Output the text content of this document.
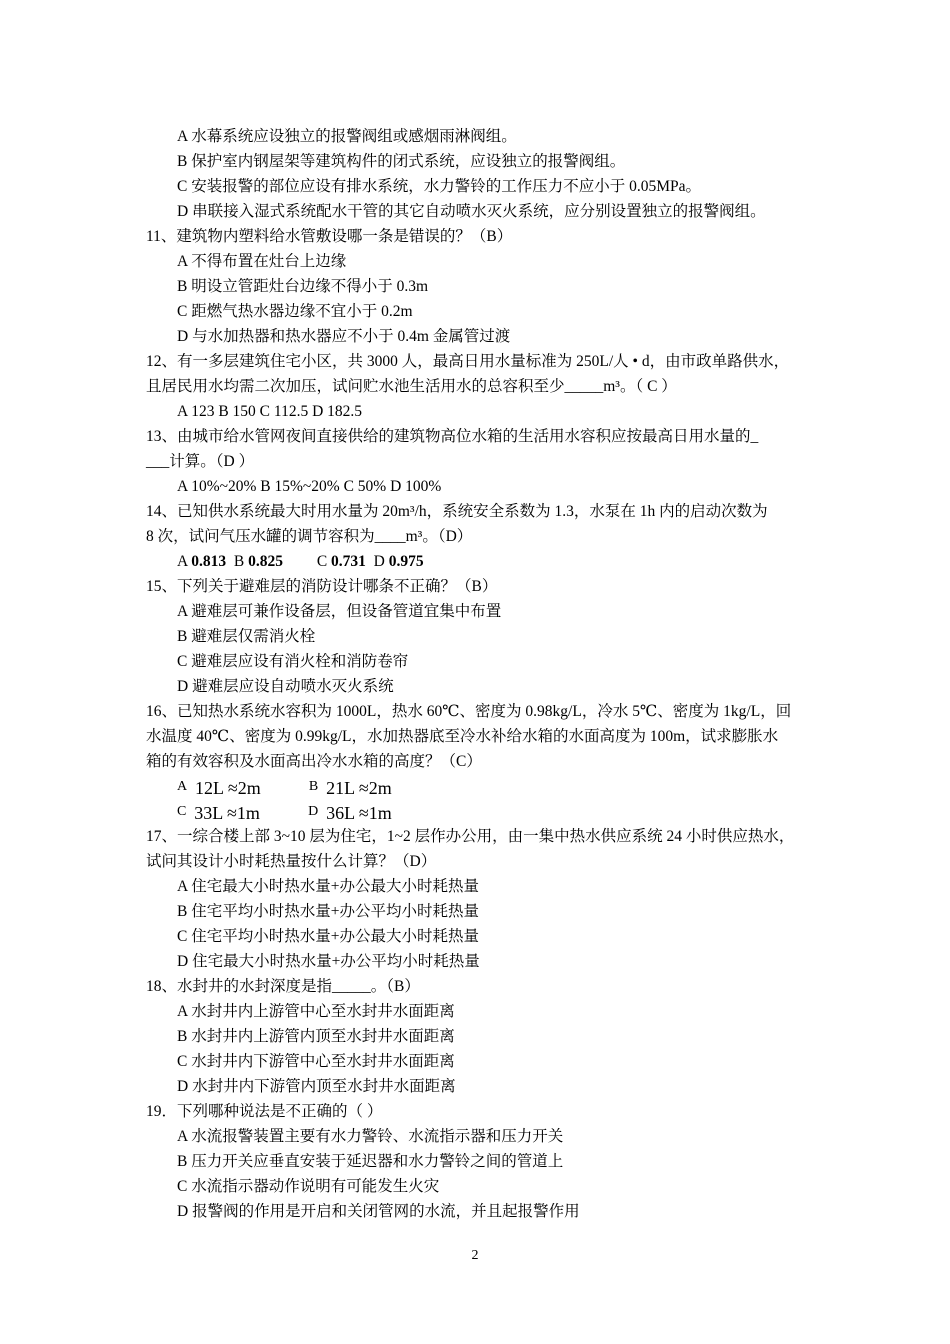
A 水幕系统应设独立的报警阀组或感烟雨淋阀组。
B 保护室内钢屋架等建筑构件的闭式系统，应设独立的报警阀组。
C 安装报警的部位应设有排水系统，水力警铃的工作压力不应小于 0.05MPa。
D 串联接入湿式系统配水干管的其它自动喷水灭火系统，应分别设置独立的报警阀组。
11、建筑物内塑料给水管敷设哪一条是错误的？（B）
A 不得布置在灶台上边缘
B 明设立管距灶台边缘不得小于 0.3m
C 距燃气热水器边缘不宜小于 0.2m
D 与水加热器和热水器应不小于 0.4m 金属管过渡
12、有一多层建筑住宅小区，共 3000 人，最高日用水量标准为 250L/人 • d，由市政单路供水，
且居民用水均需二次加压，试问贮水池生活用水的总容积至少_____m³。（ C ）
A 123 B 150 C 112.5 D 182.5
13、由城市给水管网夜间直接供给的建筑物高位水箱的生活用水容积应按最高日用水量的_
___计算。（D ）
A 10%~20% B 15%~20% C 50% D 100%
14、已知供水系统最大时用水量为 20m³/h，系统安全系数为 1.3，水泵在 1h 内的启动次数为
8 次，试问气压水罐的调节容积为____m³。（D）
A 0.813 B 0.825 C 0.731 D 0.975
15、下列关于避难层的消防设计哪条不正确？（B）
A 避难层可兼作设备层，但设备管道宜集中布置
B 避难层仅需消火栓
C 避难层应设有消火栓和消防卷帘
D 避难层应设自动喷水灭火系统
16、已知热水系统水容积为 1000L，热水 60℃、密度为 0.98kg/L，冷水 5℃、密度为 1kg/L，回
水温度 40℃、密度为 0.99kg/L，水加热器底至冷水补给水箱的水面高度为 100m，试求膨胀水
箱的有效容积及水面高出冷水水箱的高度？（C）
A 12L ≈2m	B 21L ≈2m
C 33L ≈1m	D 36L ≈1m
17、一综合楼上部 3~10 层为住宅，1~2 层作办公用，由一集中热水供应系统 24 小时供应热水，
试问其设计小时耗热量按什么计算？（D）
A 住宅最大小时热水量+办公最大小时耗热量
B 住宅平均小时热水量+办公平均小时耗热量
C 住宅平均小时热水量+办公最大小时耗热量
D 住宅最大小时热水量+办公平均小时耗热量
18、水封井的水封深度是指_____。（B）
A 水封井内上游管中心至水封井水面距离
B 水封井内上游管内顶至水封井水面距离
C 水封井内下游管中心至水封井水面距离
D 水封井内下游管内顶至水封井水面距离
19．下列哪种说法是不正确的（ ）
A 水流报警装置主要有水力警铃、水流指示器和压力开关
B 压力开关应垂直安装于延迟器和水力警铃之间的管道上
C 水流指示器动作说明有可能发生火灾
D 报警阀的作用是开启和关闭管网的水流，并且起报警作用
2
